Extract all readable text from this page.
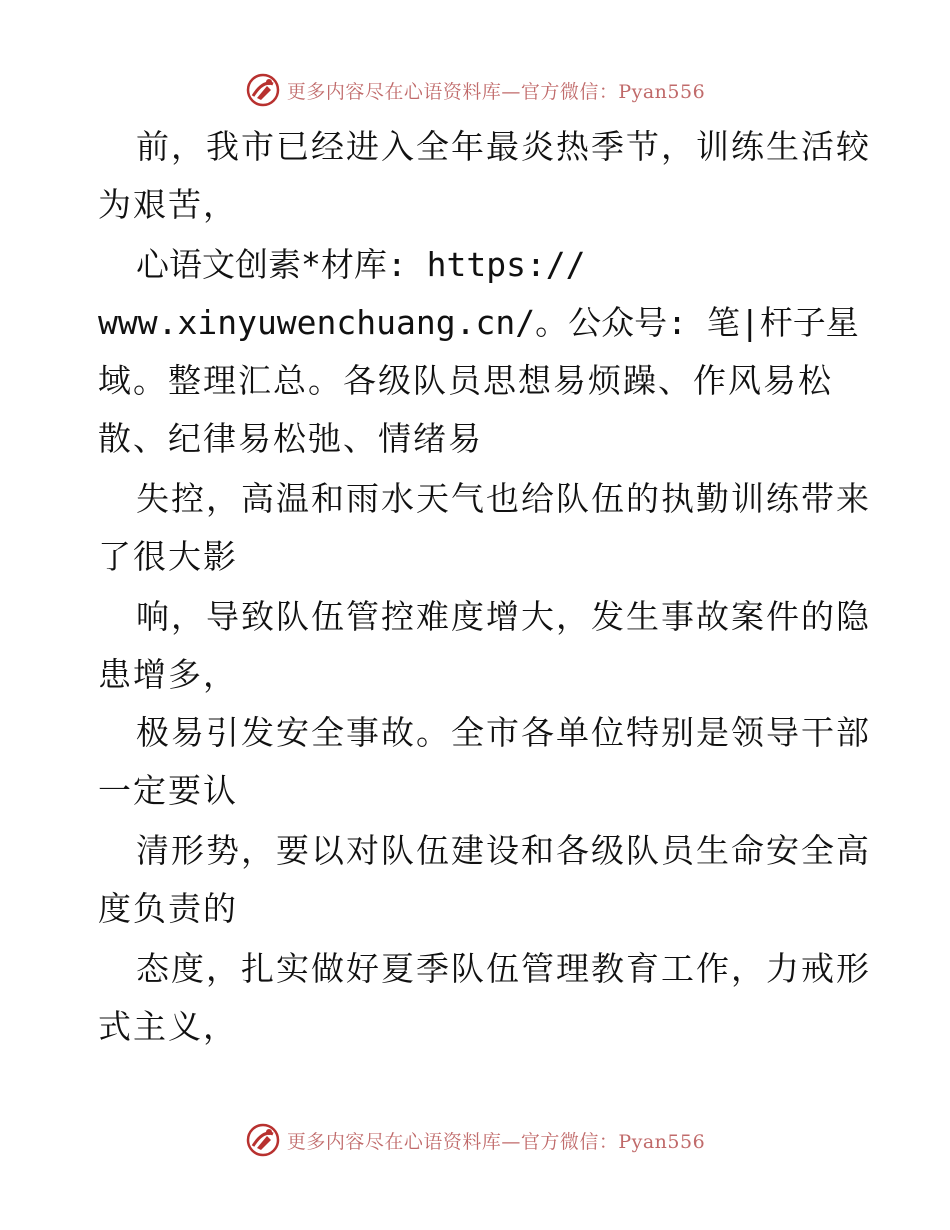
更多内容尽在心语资料库—官方微信：Pyan556
前，我市已经进入全年最炎热季节，训练生活较
为艰苦，
心语文创素*材库: https://
www.xinyuwenchuang.cn/。公众号: 笔|杆子星
域。整理汇总。各级队员思想易烦躁、作风易松
散、纪律易松弛、情绪易
失控，高温和雨水天气也给队伍的执勤训练带来
了很大影
响，导致队伍管控难度增大，发生事故案件的隐
患增多，
极易引发安全事故。全市各单位特别是领导干部
一定要认
清形势，要以对队伍建设和各级队员生命安全高
度负责的
态度，扎实做好夏季队伍管理教育工作，力戒形
式主义，
更多内容尽在心语资料库—官方微信：Pyan556
